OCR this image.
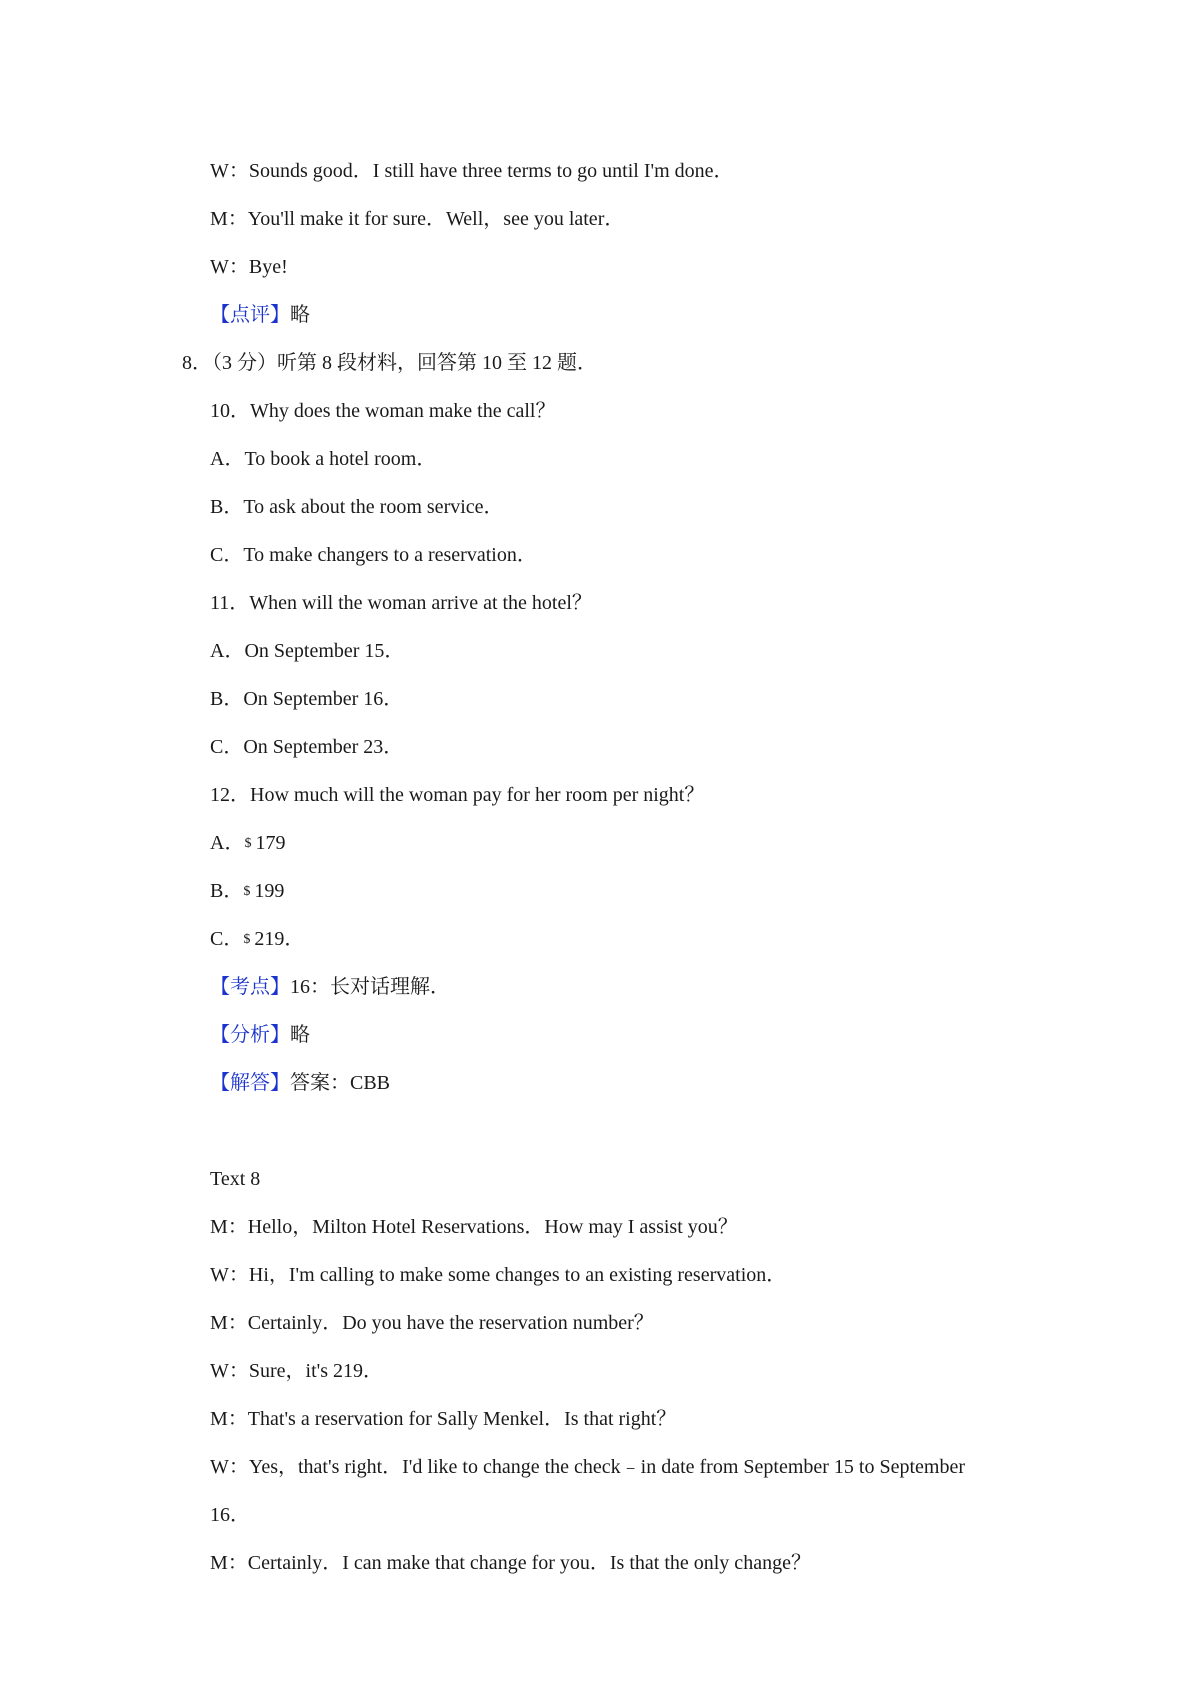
W：Sounds good．I still have three terms to go until I'm done．
M：You'll make it for sure．Well，see you later．
W：Bye!
【点评】略
8．（3 分）听第 8 段材料，回答第 10 至 12 题．
10．Why does the woman make the call？
A．To book a hotel room．
B．To ask about the room service．
C．To make changers to a reservation．
11．When will the woman arrive at the hotel？
A．On September 15．
B．On September 16．
C．On September 23．
12．How much will the woman pay for her room per night？
A．$ 179
B．$ 199
C．$ 219．
【考点】16：长对话理解．
【分析】略
【解答】答案：CBB
Text 8
M：Hello，Milton Hotel Reservations．How may I assist you？
W：Hi，I'm calling to make some changes to an existing reservation．
M：Certainly．Do you have the reservation number？
W：Sure，it's 219．
M：That's a reservation for Sally Menkel．Is that right？
W：Yes，that's right．I'd like to change the check﹣in date from September 15 to September
16．
M：Certainly．I can make that change for you．Is that the only change？
